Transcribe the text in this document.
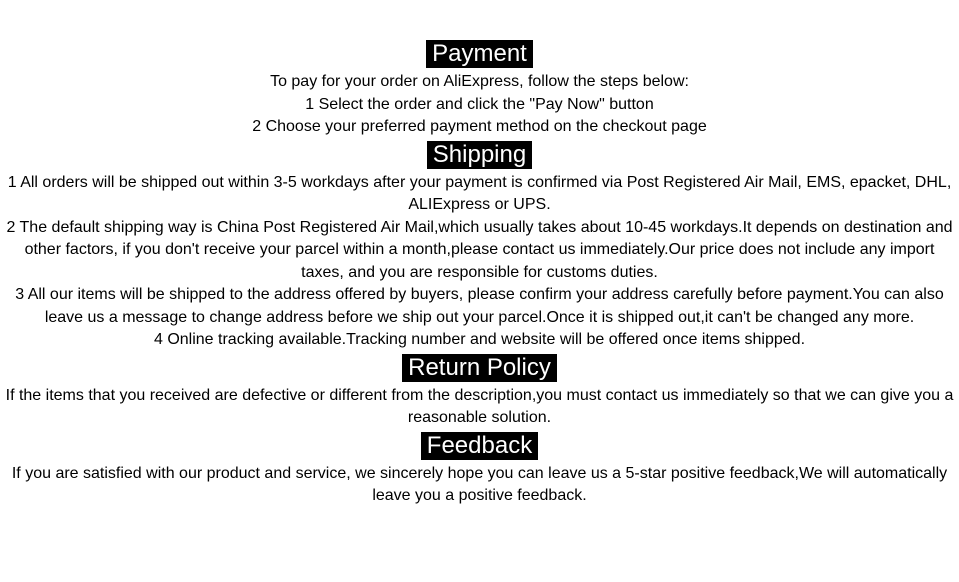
Payment

To pay for your order on AliExpress, follow the steps below:

1 Select the order and click the "Pay Now" button

2 Choose your preferred payment method on the checkout page

Shipping

1 All orders will be shipped out within 3-5 workdays after your payment is confirmed via Post Registered Air Mail, EMS, epacket, DHL, ALIExpress or UPS.

2 The default shipping way is China Post Registered Air Mail,which usually takes about 10-45 workdays.It depends on destination and other factors, if you don't receive your parcel within a month,please contact us immediately.Our price does not include any import taxes, and you are responsible for customs duties.

3 All our items will be shipped to the address offered by buyers, please confirm your address carefully before payment.You can also leave us a message to change address before we ship out your parcel.Once it is shipped out,it can't be changed any more.

4 Online tracking available.Tracking number and website will be offered once items shipped.

Return Policy

If the items that you received are defective or different from the description,you must contact us immediately so that we can give you a reasonable solution.

Feedback

If you are satisfied with our product and service, we sincerely hope you can leave us a 5-star positive feedback,We will automatically leave you a positive feedback.
